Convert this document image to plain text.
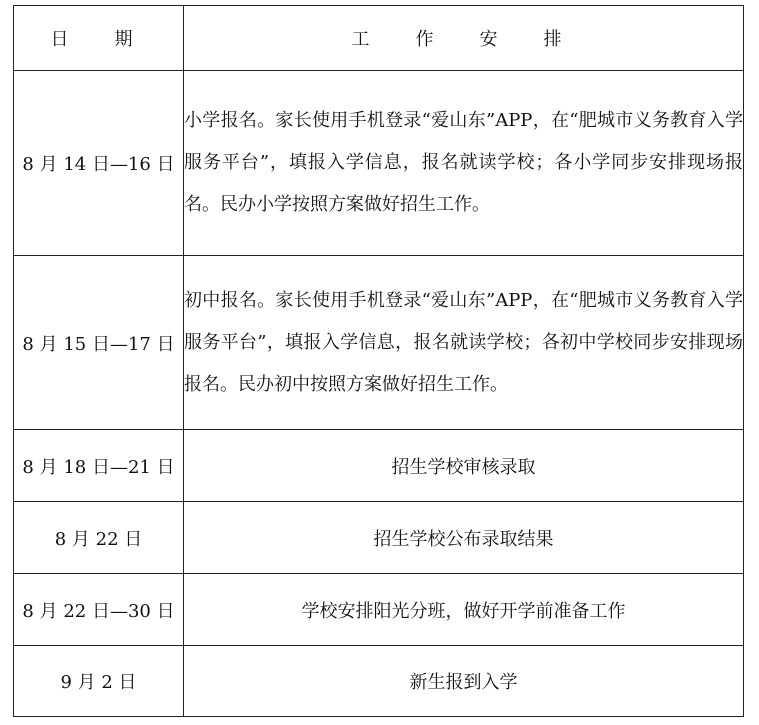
日　期	工　作　安　排
8 月 14 日—16 日	小学报名。家长使用手机登录“爱山东”APP，在“肥城市义务教育入学服务平台”，填报入学信息，报名就读学校；各小学同步安排现场报名。民办小学按照方案做好招生工作。
8 月 15 日—17 日	初中报名。家长使用手机登录“爱山东”APP，在“肥城市义务教育入学服务平台”，填报入学信息，报名就读学校；各初中学校同步安排现场报名。民办初中按照方案做好招生工作。
8 月 18 日—21 日	招生学校审核录取
8 月 22 日	招生学校公布录取结果
8 月 22 日—30 日	学校安排阳光分班，做好开学前准备工作
9 月 2 日	新生报到入学
